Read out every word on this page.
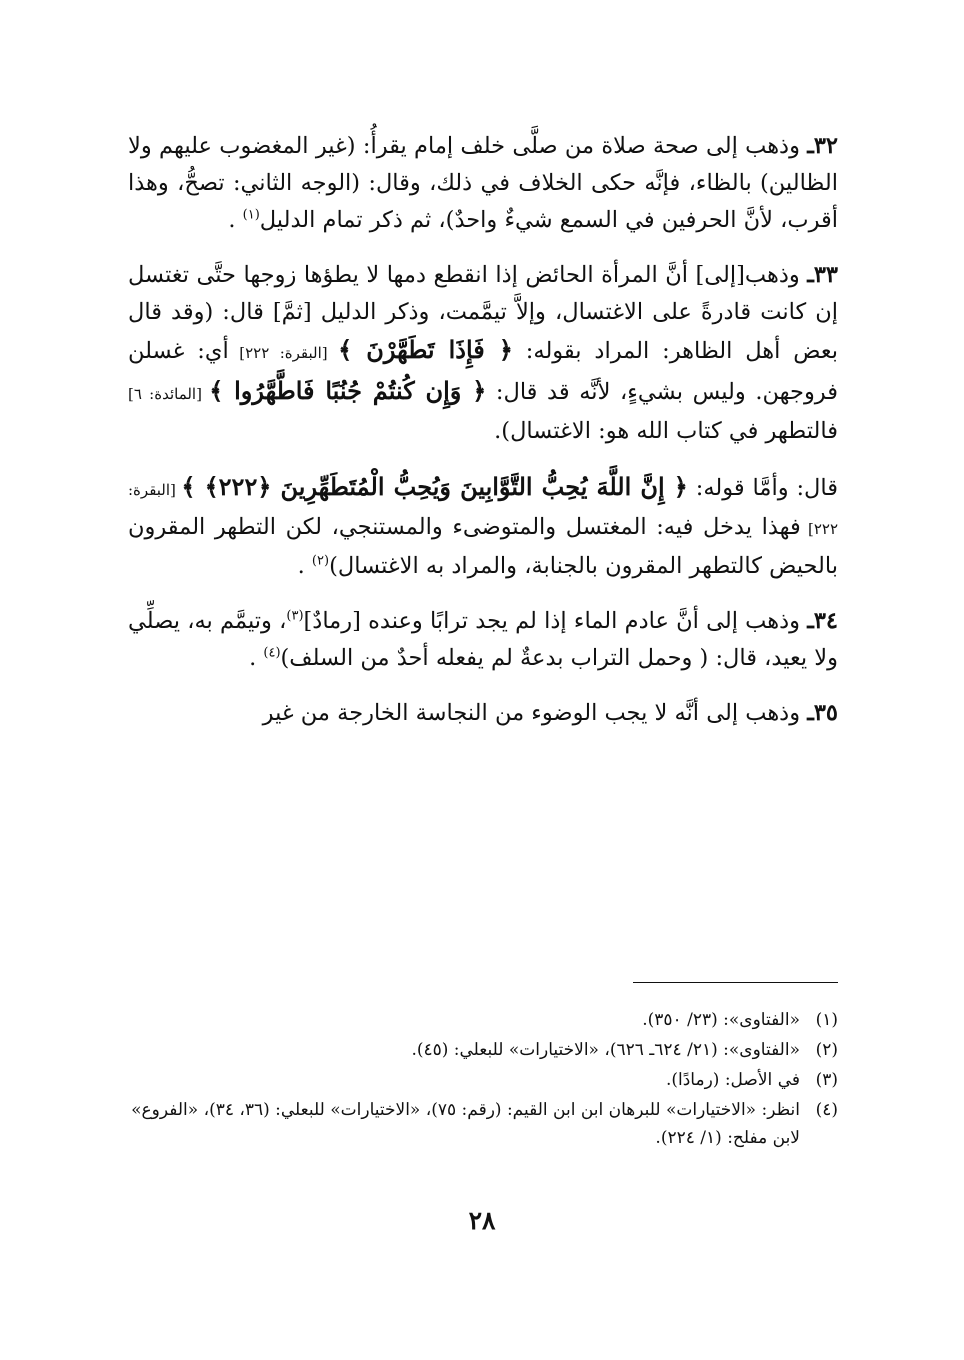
٣٢ـ وذهب إلى صحة صلاة من صلَّى خلف إمام يقرأُ: (غير المغضوب عليهم ولا الظالين) بالظاء، فإنَّه حكى الخلاف في ذلك، وقال: (الوجه الثاني: تصحُّ، وهذا أقرب، لأنَّ الحرفين في السمع شيءٌ واحدٌ)، ثم ذكر تمام الدليل$^{(١)}$ .

٣٣ـ وذهب[إلى] أنَّ المرأة الحائض إذا انقطع دمها لا يطؤها زوجها حتَّى تغتسل إن كانت قادرةً على الاغتسال، وإلاَّ تيمَّمت، وذكر الدليل [ثمَّ] قال: (وقد قال بعض أهل الظاهر: المراد بقوله: ﴿ فَإِذَا تَطَهَّرْنَ ﴾ [البقرة: ٢٢٢] أي: غسلن فروجهن. وليس بشيءٍ، لأنَّه قد قال: ﴿ وَإِن كُنتُمْ جُنُبًا فَاطَّهَّرُوا ﴾ [المائدة: ٦] فالتطهر في كتاب الله هو: الاغتسال).

قال: وأمَّا قوله: ﴿ إِنَّ اللَّهَ يُحِبُّ التَّوَّابِينَ وَيُحِبُّ الْمُتَطَهِّرِينَ ﴿٢٢٢﴾ ﴾ [البقرة: ٢٢٢] فهذا يدخل فيه: المغتسل والمتوضىء والمستنجي، لكن التطهر المقرون بالحيض كالتطهر المقرون بالجنابة، والمراد به الاغتسال)$^{(٢)}$ .

٣٤ـ وذهب إلى أنَّ عادم الماء إذا لم يجد ترابًا وعنده [رمادٌ]$^{(٣)}$، وتيمَّم به، يصلِّي ولا يعيد، قال: ( وحمل التراب بدعةٌ لم يفعله أحدٌ من السلف)$^{(٤)}$ .

٣٥ـ وذهب إلى أنَّه لا يجب الوضوء من النجاسة الخارجة من غير

(١)
«الفتاوى»: (٢٣/ ٣٥٠).
(٢)
«الفتاوى»: (٢١/ ٦٢٤ـ ٦٢٦)، «الاختيارات» للبعلي: (٤٥).
(٣)
في الأصل: (رمادًا).
(٤)
انظر: «الاختيارات» للبرهان ابن ابن القيم: (رقم: ٧٥)، «الاختيارات» للبعلي: (٣٦، ٣٤)، «الفروع» لابن مفلح: (١/ ٢٢٤).
٢٨
